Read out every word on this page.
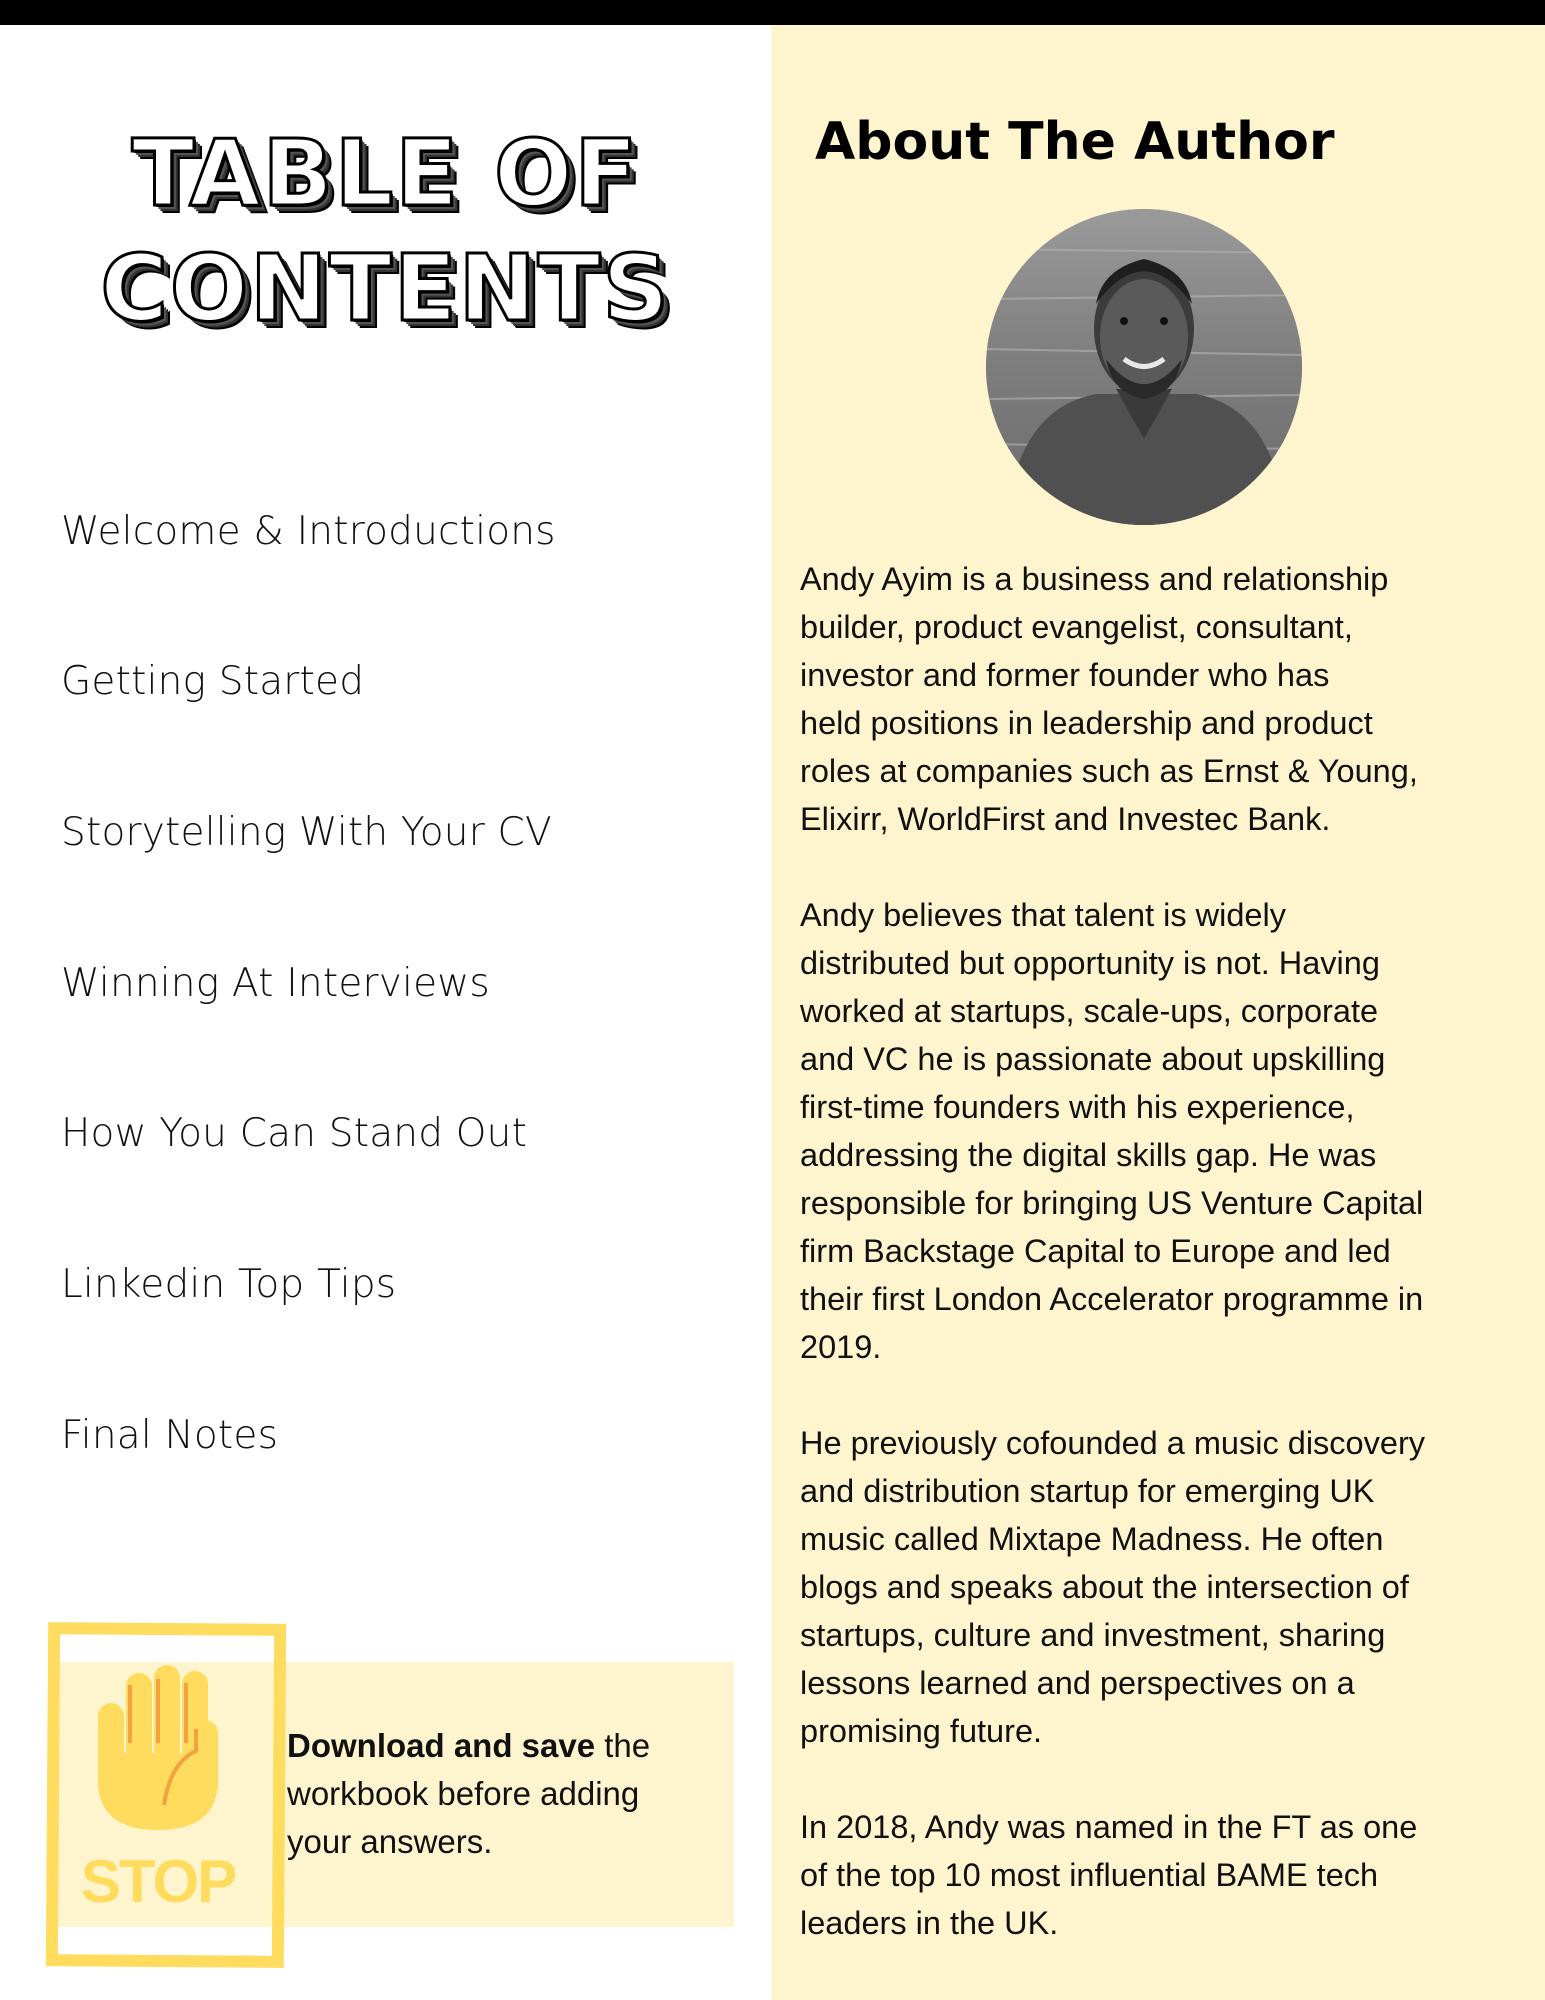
TABLE OF
CONTENTS
Welcome & Introductions
Getting Started
Storytelling With Your CV
Winning At Interviews
How You Can Stand Out
Linkedin Top Tips
Final Notes
STOP
Download and save the
workbook before adding
your answers.
About The Author
Andy Ayim is a business and relationship
builder, product evangelist, consultant,
investor and former founder who has
held positions in leadership and product
roles at companies such as Ernst & Young,
Elixirr, WorldFirst and Investec Bank.
Andy believes that talent is widely
distributed but opportunity is not. Having
worked at startups, scale-ups, corporate
and VC he is passionate about upskilling
first-time founders with his experience,
addressing the digital skills gap. He was
responsible for bringing US Venture Capital
firm Backstage Capital to Europe and led
their first London Accelerator programme in
2019.
He previously cofounded a music discovery
and distribution startup for emerging UK
music called Mixtape Madness. He often
blogs and speaks about the intersection of
startups, culture and investment, sharing
lessons learned and perspectives on a
promising future.
In 2018, Andy was named in the FT as one
of the top 10 most influential BAME tech
leaders in the UK.
